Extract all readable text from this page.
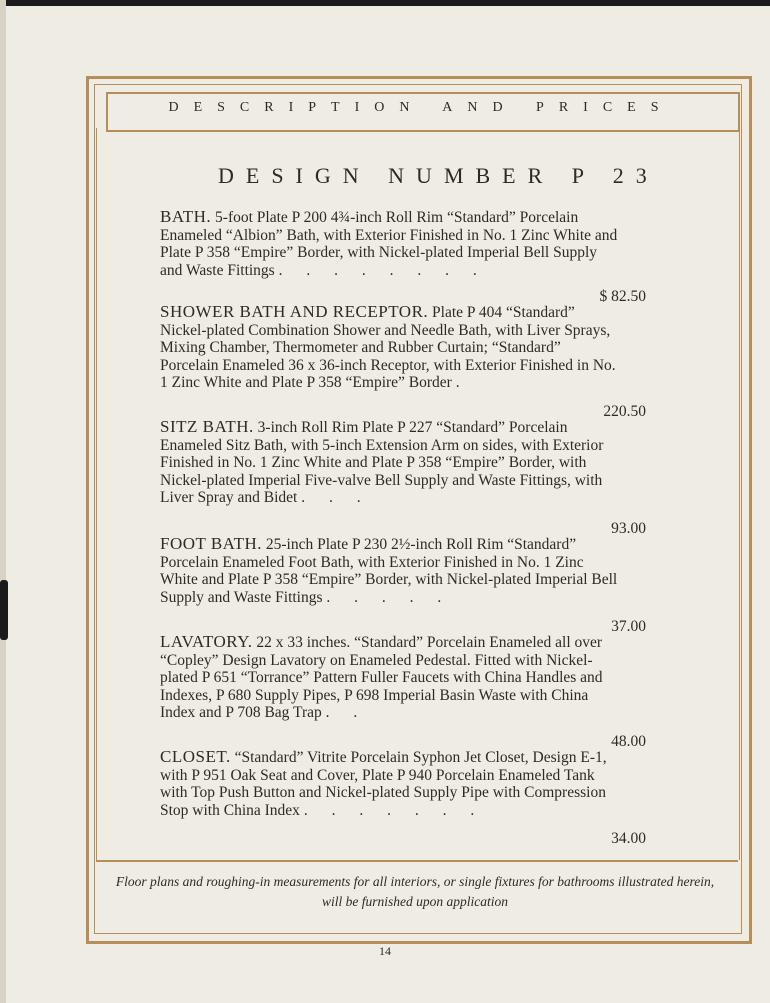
DESCRIPTION AND PRICES
DESIGN NUMBER P 23
BATH. 5-foot Plate P 200 4¾-inch Roll Rim “Standard” Porcelain Enameled “Albion” Bath, with Exterior Finished in No. 1 Zinc White and Plate P 358 “Empire” Border, with Nickel-plated Imperial Bell Supply and Waste Fittings . . . . . . . .
$ 82.50
SHOWER BATH AND RECEPTOR. Plate P 404 “Standard” Nickel-plated Combination Shower and Needle Bath, with Liver Sprays, Mixing Chamber, Thermometer and Rubber Curtain; “Standard” Porcelain Enameled 36 x 36-inch Receptor, with Exterior Finished in No. 1 Zinc White and Plate P 358 “Empire” Border .
220.50
SITZ BATH. 3-inch Roll Rim Plate P 227 “Standard” Porcelain Enameled Sitz Bath, with 5-inch Extension Arm on sides, with Exterior Finished in No. 1 Zinc White and Plate P 358 “Empire” Border, with Nickel-plated Imperial Five-valve Bell Supply and Waste Fittings, with Liver Spray and Bidet . . .
93.00
FOOT BATH. 25-inch Plate P 230 2½-inch Roll Rim “Standard” Porcelain Enameled Foot Bath, with Exterior Finished in No. 1 Zinc White and Plate P 358 “Empire” Border, with Nickel-plated Imperial Bell Supply and Waste Fittings . . . . .
37.00
LAVATORY. 22 x 33 inches. “Standard” Porcelain Enameled all over “Copley” Design Lavatory on Enameled Pedestal. Fitted with Nickel-plated P 651 “Torrance” Pattern Fuller Faucets with China Handles and Indexes, P 680 Supply Pipes, P 698 Imperial Basin Waste with China Index and P 708 Bag Trap . .
48.00
CLOSET. “Standard” Vitrite Porcelain Syphon Jet Closet, Design E-1, with P 951 Oak Seat and Cover, Plate P 940 Porcelain Enameled Tank with Top Push Button and Nickel-plated Supply Pipe with Compression Stop with China Index . . . . . . .
34.00
Floor plans and roughing-in measurements for all interiors, or single fixtures for bathrooms illustrated herein, will be furnished upon application
14
